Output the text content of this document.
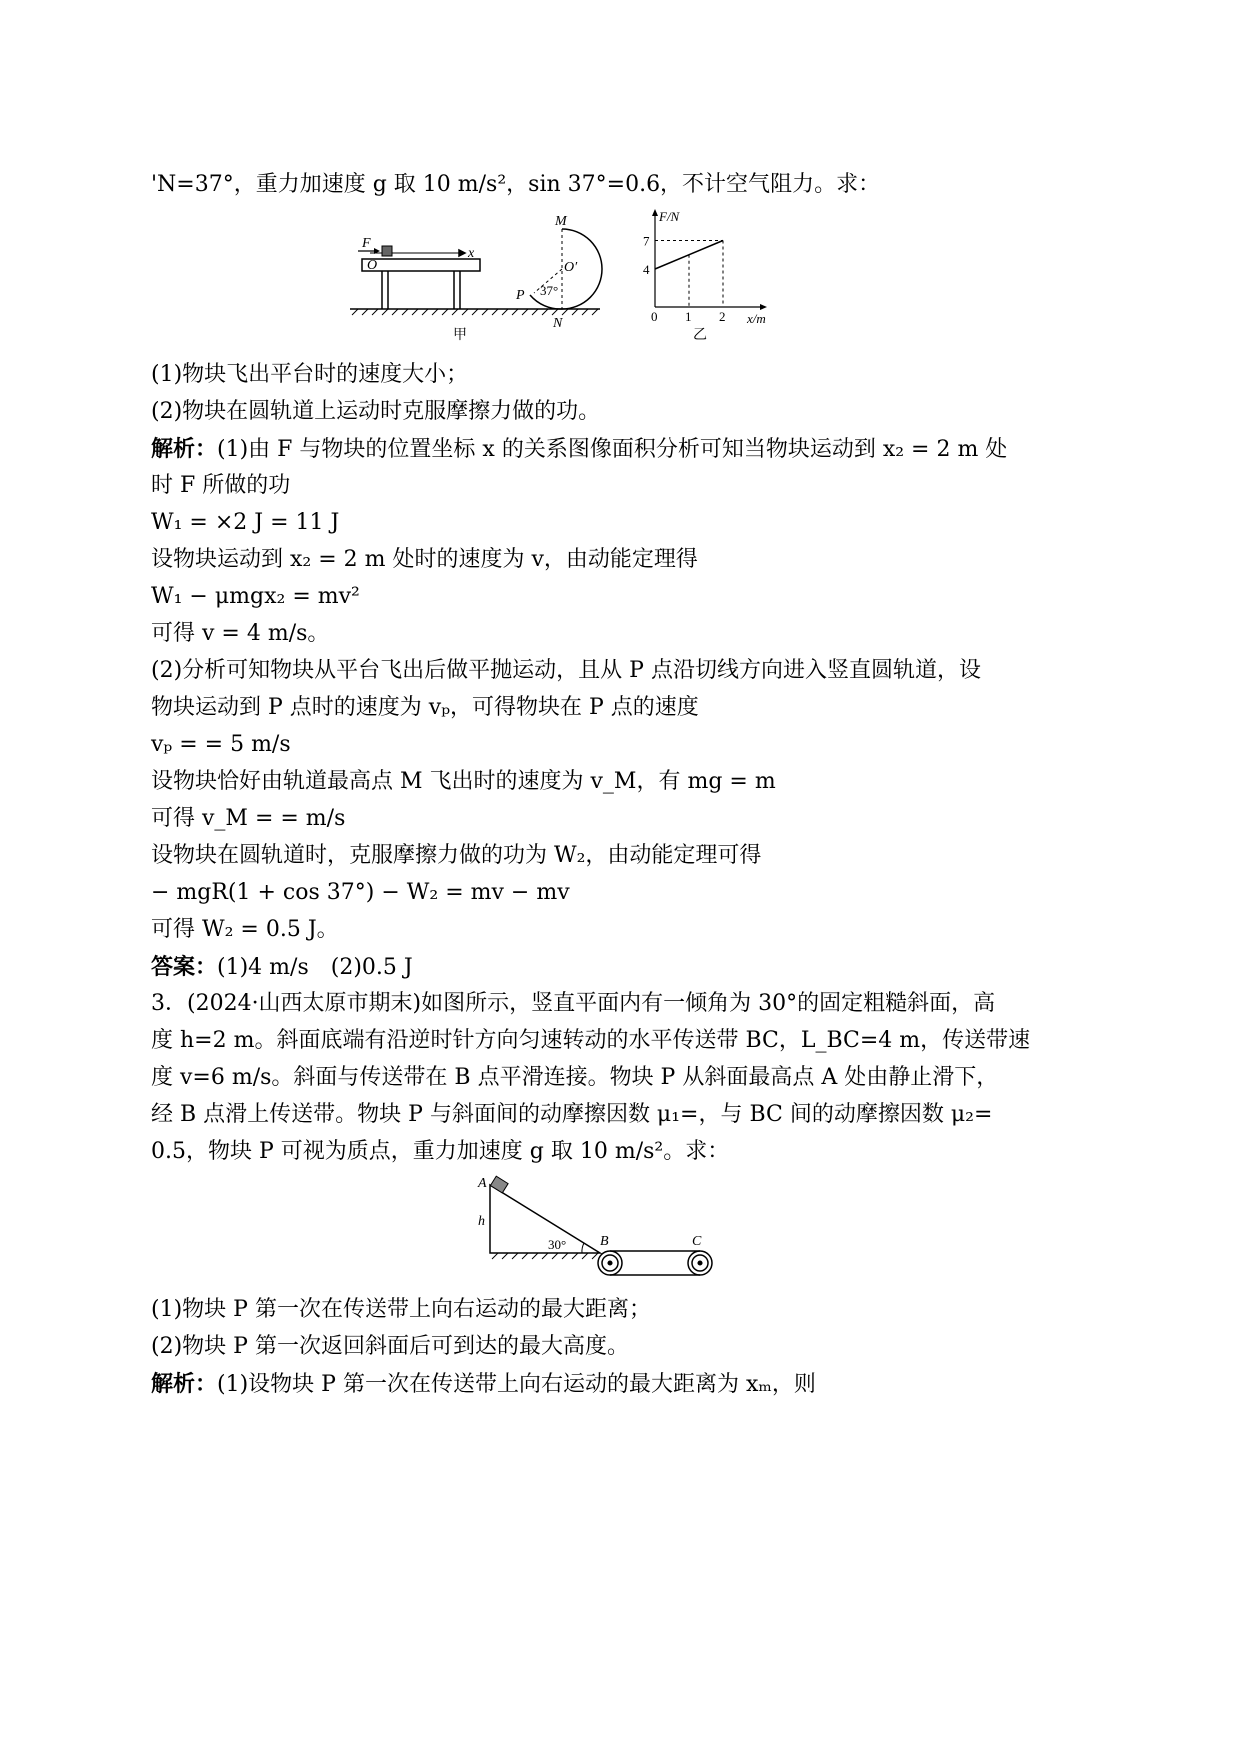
'N=37°，重力加速度 g 取 10 m/s²，sin 37°=0.6，不计空气阻力。求：
F
O
x
M
O′
P 37°
N
甲
F/N
x/m
乙
0 1 2
4
7
(1)物块飞出平台时的速度大小；
(2)物块在圆轨道上运动时克服摩擦力做的功。
解析：(1)由 F 与物块的位置坐标 x 的关系图像面积分析可知当物块运动到 x₂ = 2 m 处
时 F 所做的功
W₁ = ×2 J = 11 J
设物块运动到 x₂ = 2 m 处时的速度为 v，由动能定理得
W₁ − μmgx₂ = mv²
可得 v = 4 m/s。
(2)分析可知物块从平台飞出后做平抛运动，且从 P 点沿切线方向进入竖直圆轨道，设
物块运动到 P 点时的速度为 vₚ，可得物块在 P 点的速度
vₚ = = 5 m/s
设物块恰好由轨道最高点 M 飞出时的速度为 v_M，有 mg = m
可得 v_M = = m/s
设物块在圆轨道时，克服摩擦力做的功为 W₂，由动能定理可得
− mgR(1 + cos 37°) − W₂ = mv − mv
可得 W₂ = 0.5 J。
答案：(1)4 m/s　(2)0.5 J
3．(2024·山西太原市期末)如图所示，竖直平面内有一倾角为 30°的固定粗糙斜面，高
度 h=2 m。斜面底端有沿逆时针方向匀速转动的水平传送带 BC，L_BC=4 m，传送带速
度 v=6 m/s。斜面与传送带在 B 点平滑连接。物块 P 从斜面最高点 A 处由静止滑下，
经 B 点滑上传送带。物块 P 与斜面间的动摩擦因数 μ₁=，与 BC 间的动摩擦因数 μ₂=
0.5，物块 P 可视为质点，重力加速度 g 取 10 m/s²。求：
A
h
30° B	C
(1)物块 P 第一次在传送带上向右运动的最大距离；
(2)物块 P 第一次返回斜面后可到达的最大高度。
解析：(1)设物块 P 第一次在传送带上向右运动的最大距离为 xₘ，则
